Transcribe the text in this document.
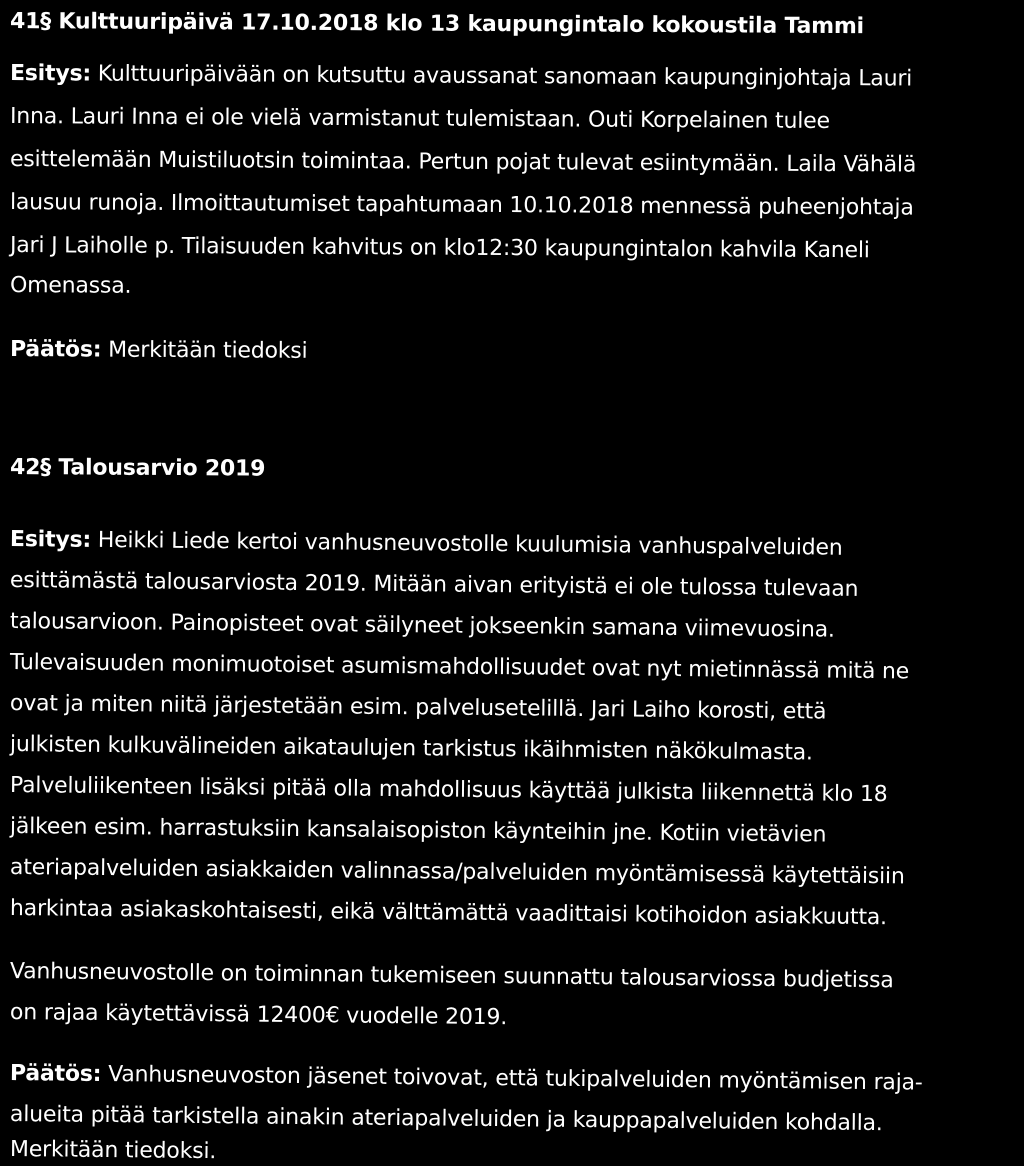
41§ Kulttuuripäivä 17.10.2018 klo 13 kaupungintalo kokoustila Tammi
Esitys: Kulttuuripäivään on kutsuttu avaussanat sanomaan kaupunginjohtaja Lauri
Inna. Lauri Inna ei ole vielä varmistanut tulemistaan. Outi Korpelainen tulee
esittelemään Muistiluotsin toimintaa. Pertun pojat tulevat esiintymään. Laila Vähälä
lausuu runoja. Ilmoittautumiset tapahtumaan 10.10.2018 mennessä puheenjohtaja
Jari J Laiholle p. Tilaisuuden kahvitus on klo12:30 kaupungintalon kahvila Kaneli
Omenassa.
Päätös: Merkitään tiedoksi
42§ Talousarvio 2019
Esitys: Heikki Liede kertoi vanhusneuvostolle kuulumisia vanhuspalveluiden
esittämästä talousarviosta 2019. Mitään aivan erityistä ei ole tulossa tulevaan
talousarvioon. Painopisteet ovat säilyneet jokseenkin samana viimevuosina.
Tulevaisuuden monimuotoiset asumismahdollisuudet ovat nyt mietinnässä mitä ne
ovat ja miten niitä järjestetään esim. palvelusetelillä. Jari Laiho korosti, että
julkisten kulkuvälineiden aikataulujen tarkistus ikäihmisten näkökulmasta.
Palveluliikenteen lisäksi pitää olla mahdollisuus käyttää julkista liikennettä klo 18
jälkeen esim. harrastuksiin kansalaisopiston käynteihin jne. Kotiin vietävien
ateriapalveluiden asiakkaiden valinnassa/palveluiden myöntämisessä käytettäisiin
harkintaa asiakaskohtaisesti, eikä välttämättä vaadittaisi kotihoidon asiakkuutta.
Vanhusneuvostolle on toiminnan tukemiseen suunnattu talousarviossa budjetissa
on rajaa käytettävissä 12400€ vuodelle 2019.
Päätös: Vanhusneuvoston jäsenet toivovat, että tukipalveluiden myöntämisen raja-
alueita pitää tarkistella ainakin ateriapalveluiden ja kauppapalveluiden kohdalla.
Merkitään tiedoksi.
